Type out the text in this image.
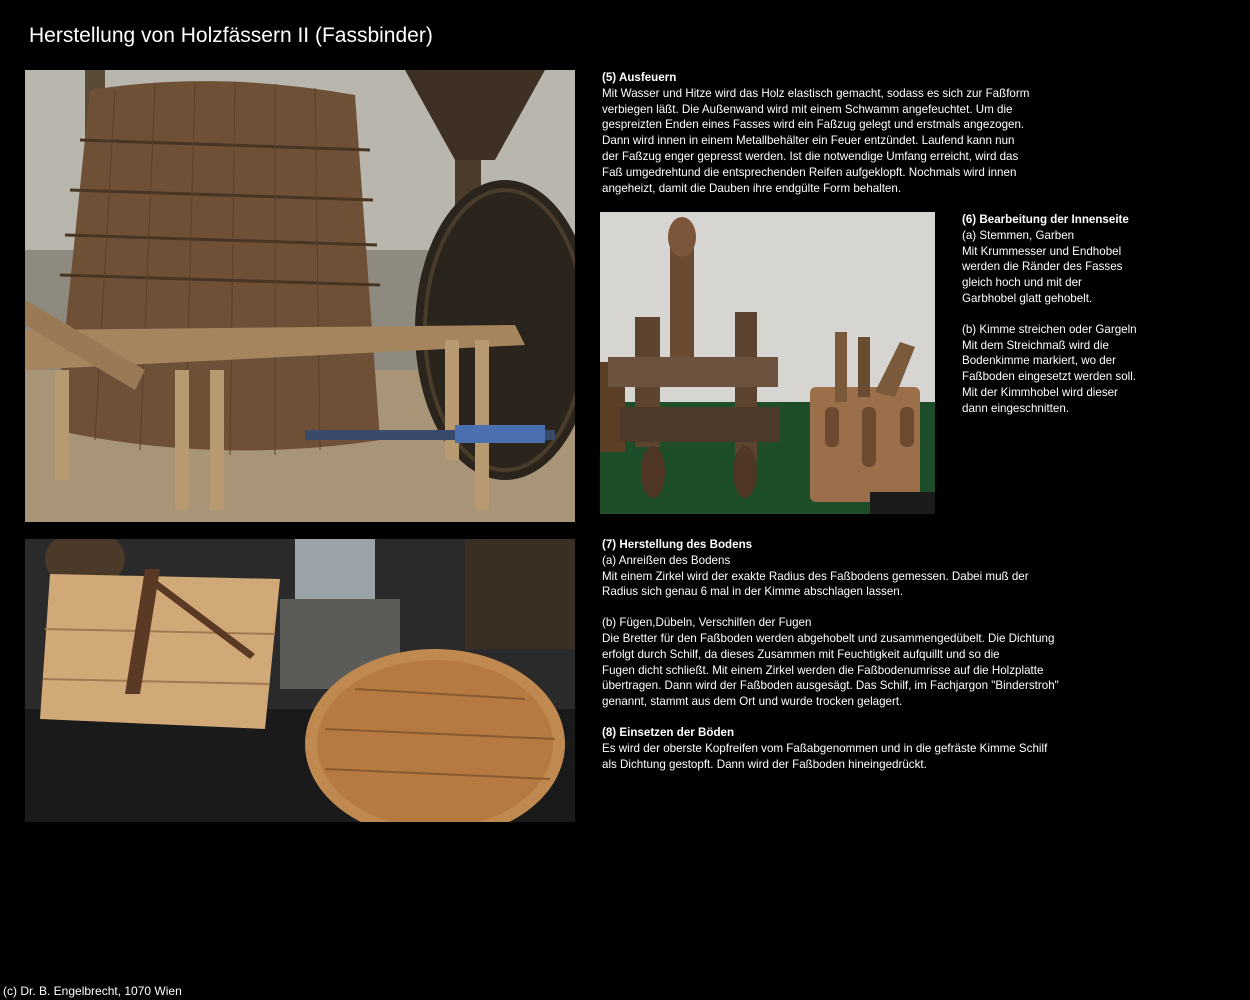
Herstellung von Holzfässern II (Fassbinder)

(5) Ausfeuern

Mit Wasser und Hitze wird das Holz elastisch gemacht, sodass es sich zur Faßform
verbiegen läßt. Die Außenwand wird mit einem Schwamm angefeuchtet. Um die
gespreizten Enden eines Fasses wird ein Faßzug gelegt und erstmals angezogen.
Dann wird innen in einem Metallbehälter ein Feuer entzündet. Laufend kann nun
der Faßzug enger gepresst werden. Ist die notwendige Umfang erreicht, wird das
Faß umgedrehtund die entsprechenden Reifen aufgeklopft. Nochmals wird innen
angeheizt, damit die Dauben ihre endgülte Form behalten.

(6) Bearbeitung der Innenseite

(a) Stemmen, Garben

Mit Krummesser und Endhobel
werden die Ränder des Fasses
gleich hoch und mit der
Garbhobel glatt gehobelt.

(b) Kimme streichen oder Gargeln

Mit dem Streichmaß wird die
Bodenkimme markiert, wo der
Faßboden eingesetzt werden soll.
Mit der Kimmhobel wird dieser
dann eingeschnitten.

(7) Herstellung des Bodens

(a) Anreißen des Bodens

Mit einem Zirkel wird der exakte Radius des Faßbodens gemessen. Dabei muß der
Radius sich genau 6 mal in der Kimme abschlagen lassen.

(b) Fügen,Dübeln, Verschilfen der Fugen

Die Bretter für den Faßboden werden abgehobelt und zusammengedübelt. Die Dichtung
erfolgt durch Schilf, da dieses Zusammen mit Feuchtigkeit aufquillt und so die
Fugen dicht schließt. Mit einem Zirkel werden die Faßbodenumrisse auf die Holzplatte
übertragen. Dann wird der Faßboden ausgesägt. Das Schilf, im Fachjargon "Binderstroh"
genannt, stammt aus dem Ort und wurde trocken gelagert.

(8) Einsetzen der Böden

Es wird der oberste Kopfreifen vom Faßabgenommen und in die gefräste Kimme Schilf
als Dichtung gestopft. Dann wird der Faßboden hineingedrückt.

(c) Dr. B. Engelbrecht, 1070 Wien
